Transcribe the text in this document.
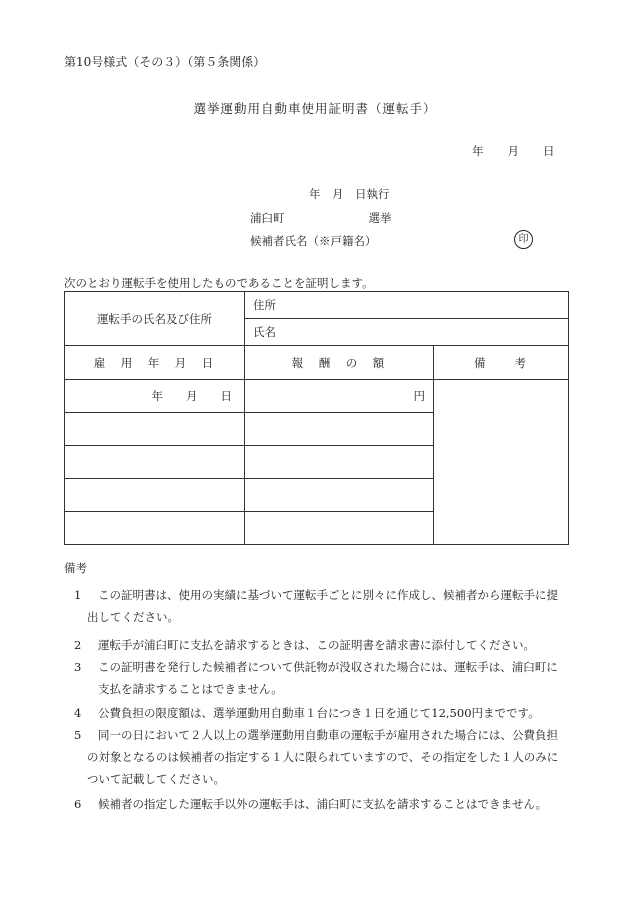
第10号様式（その３）（第５条関係）
選挙運動用自動車使用証明書（運転手）
年 月 日
年　月　日執行
浦臼町	選挙
候補者氏名（※戸籍名）	印
次のとおり運転手を使用したものであることを証明します。
運転手の氏名及び住所	住所	
	氏名	
雇　用　年　月　日	報　酬　の　額	備　　考
年　　月　　日	円	

備考
1 この証明書は、使用の実績に基づいて運転手ごとに別々に作成し、候補者から運転手に提
出してください。
2 運転手が浦臼町に支払を請求するときは、この証明書を請求書に添付してください。
3 この証明書を発行した候補者について供託物が没収された場合には、運転手は、浦臼町に
支払を請求することはできません。
4 公費負担の限度額は、選挙運動用自動車１台につき１日を通じて12,500円までです。
5 同一の日において２人以上の選挙運動用自動車の運転手が雇用された場合には、公費負担
の対象となるのは候補者の指定する１人に限られていますので、その指定をした１人のみに
ついて記載してください。
6 候補者の指定した運転手以外の運転手は、浦臼町に支払を請求することはできません。
